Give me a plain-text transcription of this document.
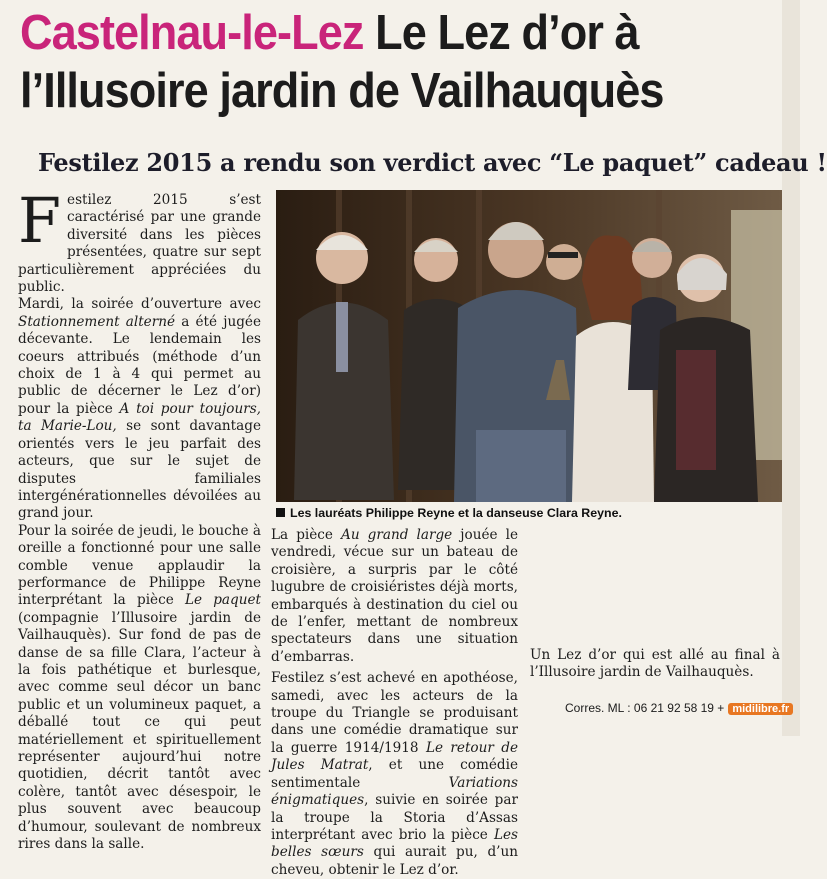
Castelnau-le-Lez Le Lez d’or à
l’Illusoire jardin de Vailhauquès
Festilez 2015 a rendu son verdict avec “Le paquet” cadeau !

Festilez 2015 s’est caractérisé par une grande diversité dans les pièces présentées, quatre sur sept particulièrement appréciées du public.

Mardi, la soirée d’ouverture avec Stationnement alterné a été jugée décevante. Le lendemain les coeurs attribués (méthode d’un choix de 1 à 4 qui permet au public de décerner le Lez d’or) pour la pièce A toi pour toujours, ta Marie-Lou, se sont davantage orientés vers le jeu parfait des acteurs, que sur le sujet de disputes familiales intergénérationnelles dévoilées au grand jour.

Pour la soirée de jeudi, le bouche à oreille a fonctionné pour une salle comble venue applaudir la performance de Philippe Reyne interprétant la pièce Le paquet (compagnie l’Illusoire jardin de Vailhauquès). Sur fond de pas de danse de sa fille Clara, l’acteur à la fois pathétique et burlesque, avec comme seul décor un banc public et un volumineux paquet, a déballé tout ce qui peut matériellement et spirituellement représenter aujourd’hui notre quotidien, décrit tantôt avec colère, tantôt avec désespoir, le plus souvent avec beaucoup d’humour, soulevant de nombreux rires dans la salle.

Les lauréats Philippe Reyne et la danseuse Clara Reyne.

La pièce Au grand large jouée le vendredi, vécue sur un bateau de croisière, a surpris par le côté lugubre de croisiéristes déjà morts, embarqués à destination du ciel ou de l’enfer, mettant de nombreux spectateurs dans une situation d’embarras.

Festilez s’est achevé en apothéose, samedi, avec les acteurs de la troupe du Triangle se produisant dans une comédie dramatique sur la guerre 1914/1918 Le retour de Jules Matrat, et une comédie sentimentale Variations énigmatiques, suivie en soirée par la troupe la Storia d’Assas interprétant avec brio la pièce Les belles sœurs qui aurait pu, d’un cheveu, obtenir le Lez d’or.

Un Lez d’or qui est allé au final à l’Illusoire jardin de Vailhauquès.

Corres. ML : 06 21 92 58 19 + midilibre.fr
